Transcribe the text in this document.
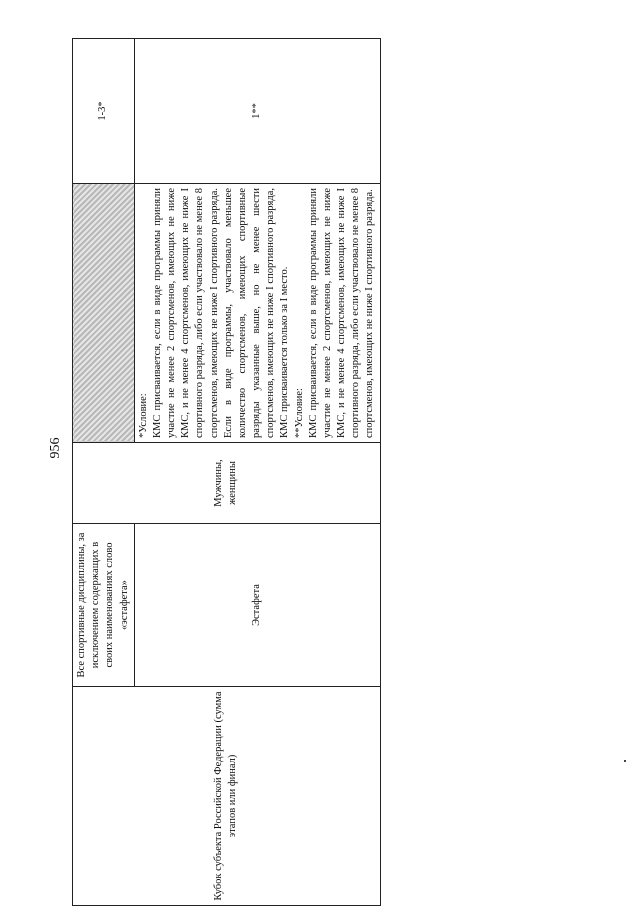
956
Кубок субъекта Российской Федерации (сумма этапов или финал)	Все спортивные дисциплины, за исключением содержащих в своих наименованиях слово «эстафета»	Мужчины, женщины		1-3*
	Эстафета		*Условие: КМС присваивается, если в виде программы приняли участие не менее 2 спортсменов, имеющих не ниже КМС, и не менее 4 спортсменов, имеющих не ниже I спортивного разряда, либо если участвовало не менее 8 спортсменов, имеющих не ниже I спортивного разряда. Если в виде программы, участвовало меньшее количество спортсменов, имеющих спортивные разряды указанные выше, но не менее шести спортсменов, имеющих не ниже I спортивного разряда, КМС присваивается только за I место. **Условие: КМС присваивается, если в виде программы приняли участие не менее 2 спортсменов, имеющих не ниже КМС, и не менее 4 спортсменов, имеющих не ниже I спортивного разряда, либо если участвовало не менее 8 спортсменов, имеющих не ниже I спортивного разряда.	1**
